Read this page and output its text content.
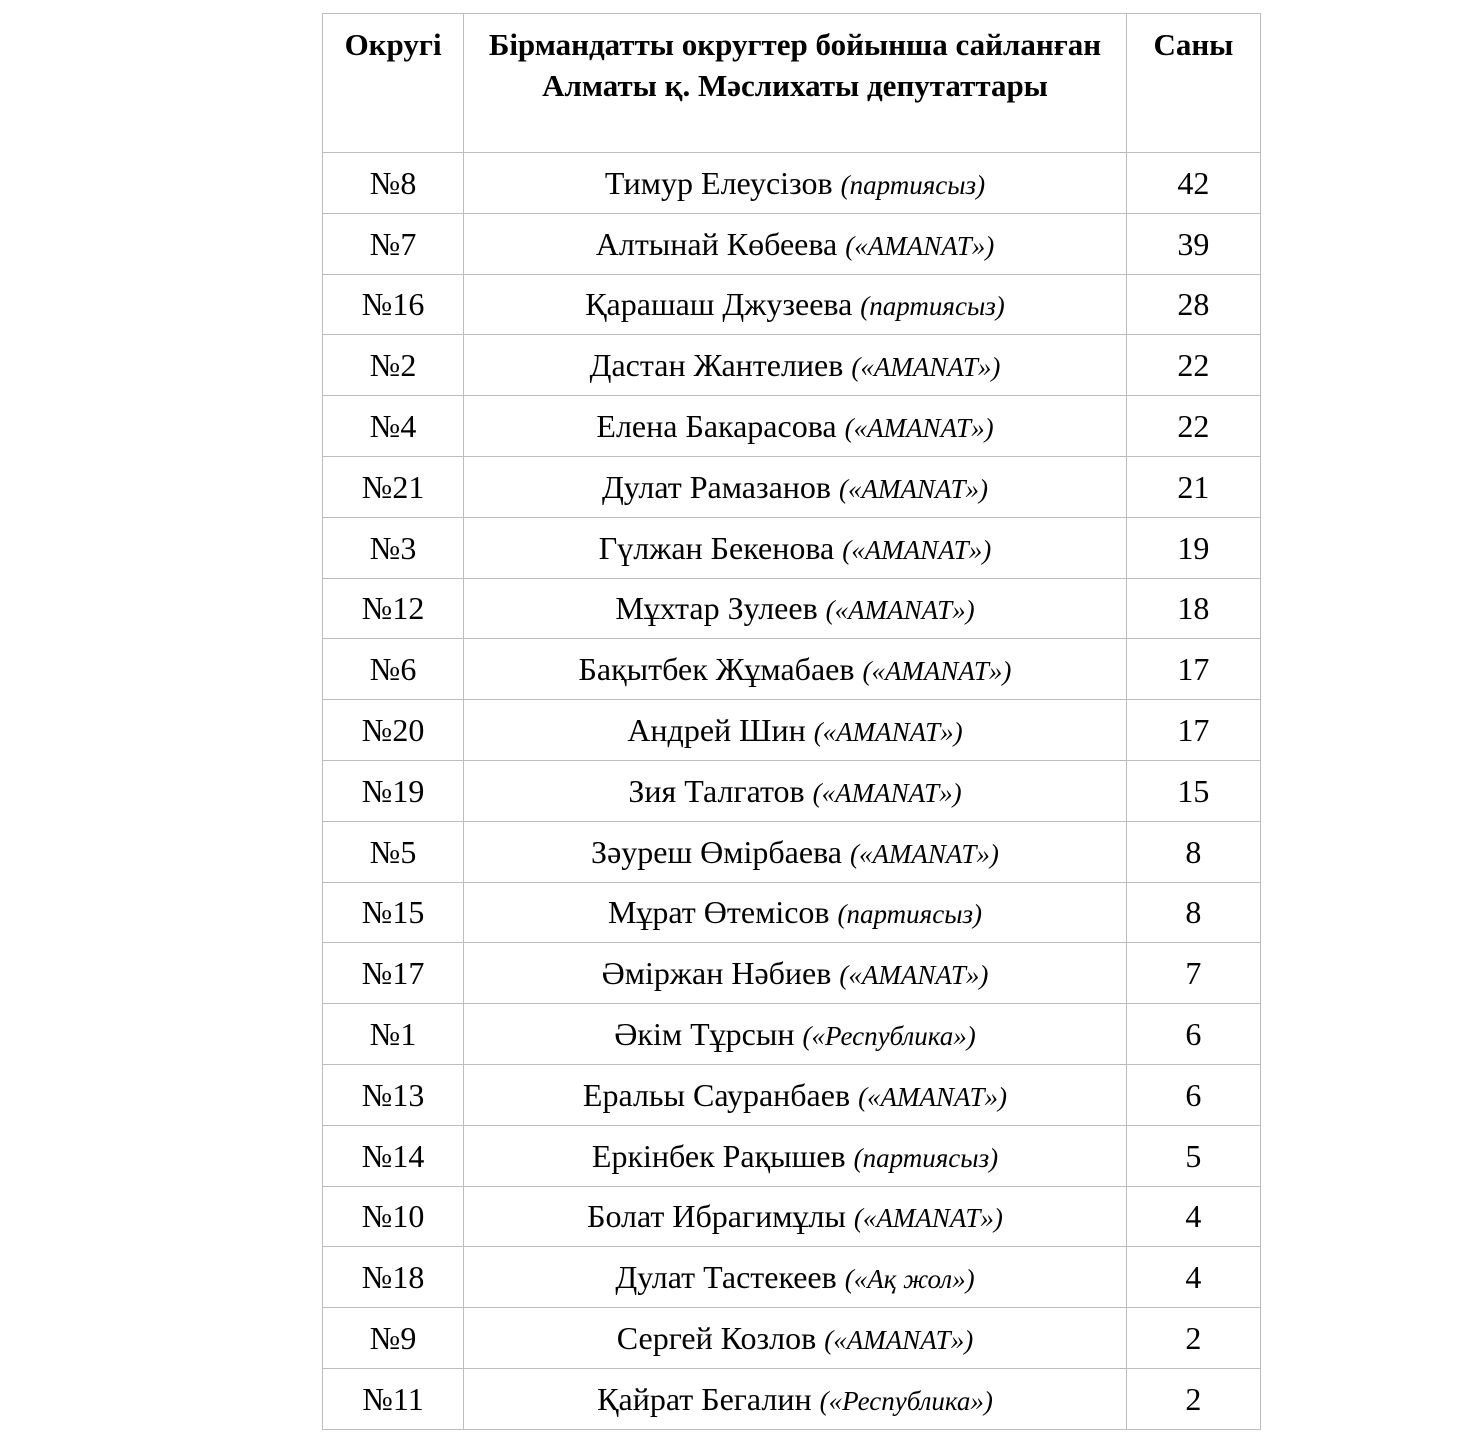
Округі	Бірмандатты округтер бойынша сайланған Алматы қ. Мәслихаты депутаттары	Саны
№8	Тимур Елеусізов (партиясыз)	42
№7	Алтынай Көбеева («AMANAT»)	39
№16	Қарашаш Джузеева (партиясыз)	28
№2	Дастан Жантелиев («AMANAT»)	22
№4	Елена Бакарасова («AMANAT»)	22
№21	Дулат Рамазанов («AMANAT»)	21
№3	Гүлжан Бекенова («AMANAT»)	19
№12	Мұхтар Зулеев («AMANAT»)	18
№6	Бақытбек Жұмабаев («AMANAT»)	17
№20	Андрей Шин («AMANAT»)	17
№19	Зия Талгатов («AMANAT»)	15
№5	Зәуреш Өмірбаева («AMANAT»)	8
№15	Мұрат Өтемісов (партиясыз)	8
№17	Әміржан Нәбиев («AMANAT»)	7
№1	Әкім Тұрсын («Республика»)	6
№13	Еральы Сауранбаев («AMANAT»)	6
№14	Еркінбек Рақышев (партиясыз)	5
№10	Болат Ибрагимұлы («AMANAT»)	4
№18	Дулат Тастекеев («Ақ жол»)	4
№9	Сергей Козлов («AMANAT»)	2
№11	Қайрат Бегалин («Республика»)	2
